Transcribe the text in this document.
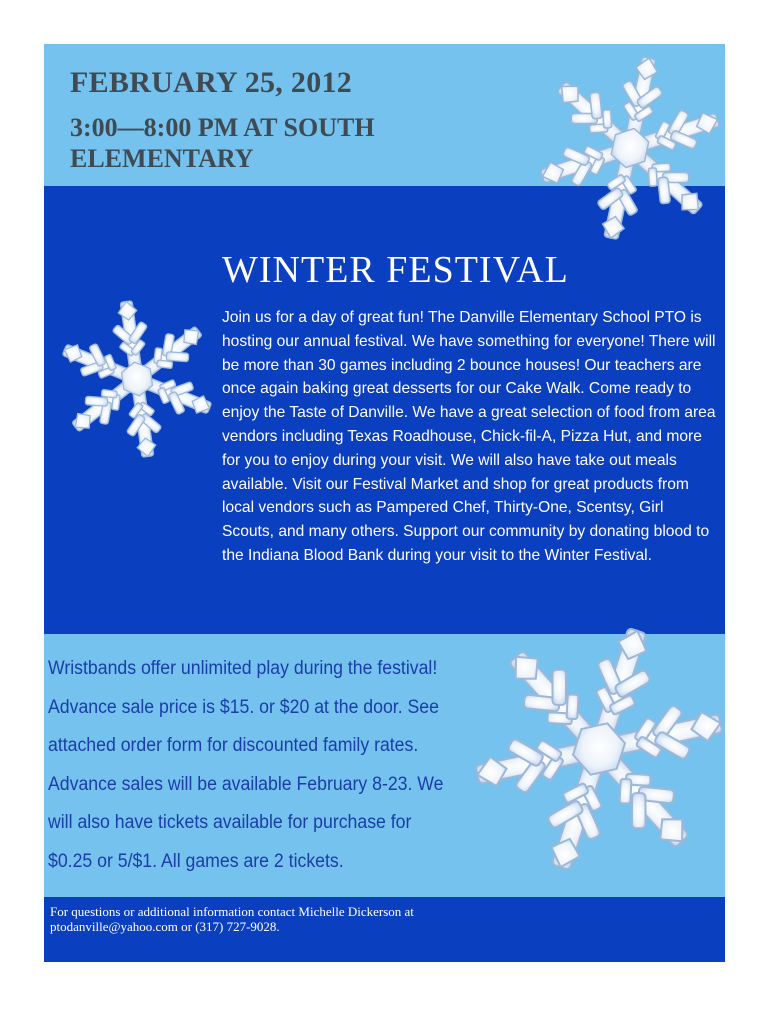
FEBRUARY 25, 2012
3:00—8:00 PM AT SOUTH ELEMENTARY
WINTER FESTIVAL
Join us for a day of great fun! The Danville Elementary School PTO is hosting our annual festival. We have something for everyone! There will be more than 30 games including 2 bounce houses! Our teachers are once again baking great desserts for our Cake Walk. Come ready to enjoy the Taste of Danville. We have a great selection of food from area vendors including Texas Roadhouse, Chick-fil-A, Pizza Hut, and more for you to enjoy during your visit. We will also have take out meals available. Visit our Festival Market and shop for great products from local vendors such as Pampered Chef, Thirty-One, Scentsy, Girl Scouts, and many others. Support our community by donating blood to the Indiana Blood Bank during your visit to the Winter Festival.
Wristbands offer unlimited play during the festival! Advance sale price is $15. or $20 at the door. See attached order form for discounted family rates. Advance sales will be available February 8-23. We will also have tickets available for purchase for $0.25 or 5/$1. All games are 2 tickets.
For questions or additional information contact Michelle Dickerson at ptodanville@yahoo.com or (317) 727-9028.
